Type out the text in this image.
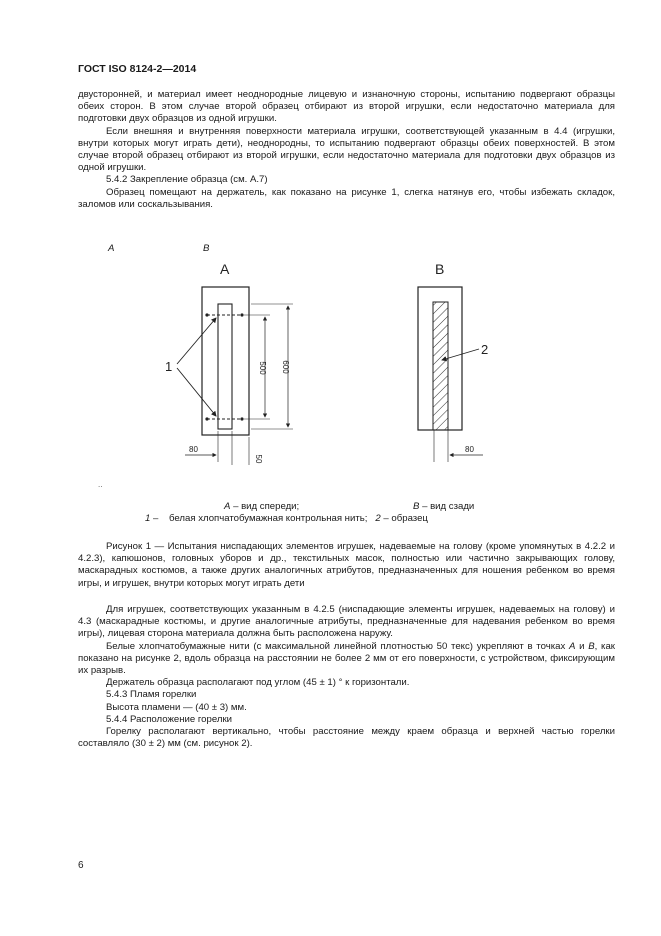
ГОСТ ISO 8124-2—2014

двусторонней, и материал имеет неоднородные лицевую и изнаночную стороны, испытанию подвергают образцы обеих сторон. В этом случае второй образец отбирают из второй игрушки, если недостаточно материала для подготовки двух образцов из одной игрушки.

Если внешняя и внутренняя поверхности материала игрушки, соответствующей указанным в 4.4 (игрушки, внутри которых могут играть дети), неоднородны, то испытанию подвергают образцы обеих поверхностей. В этом случае второй образец отбирают из второй игрушки, если недостаточно материала для подготовки двух образцов из одной игрушки.

5.4.2 Закрепление образца (см. А.7)

Образец помещают на держатель, как показано на рисунке 1, слегка натянув его, чтобы избежать складок, заломов или соскальзывания.

A	B
A
1	500 600
80
50
B
2
80
..
A – вид спереди;	B – вид сзади
1 –    белая хлопчатобумажная контрольная нить;   2 – образец

Рисунок 1 — Испытания ниспадающих элементов игрушек, надеваемые на голову (кроме упомянутых в 4.2.2 и 4.2.3), капюшонов, головных уборов и др., текстильных масок, полностью или частично закрывающих голову, маскарадных костюмов, а также других аналогичных атрибутов, предназначенных для ношения ребенком во время игры, и игрушек, внутри которых могут играть дети

Для игрушек, соответствующих указанным в 4.2.5 (ниспадающие элементы игрушек, надеваемых на голову) и 4.3 (маскарадные костюмы, и другие аналогичные атрибуты, предназначенные для надевания ребенком во время игры), лицевая сторона материала должна быть расположена наружу.

Белые хлопчатобумажные нити (с максимальной линейной плотностью 50 текс) укрепляют в точках A и B, как показано на рисунке 2, вдоль образца на расстоянии не более 2 мм от его поверхности, с устройством, фиксирующим их разрыв.

Держатель образца располагают под углом (45 ± 1) ° к горизонтали.

5.4.3 Пламя горелки

Высота пламени — (40 ± 3) мм.

5.4.4 Расположение горелки

Горелку располагают вертикально, чтобы расстояние между краем образца и верхней частью горелки составляло (30 ± 2) мм (см. рисунок 2).

6
